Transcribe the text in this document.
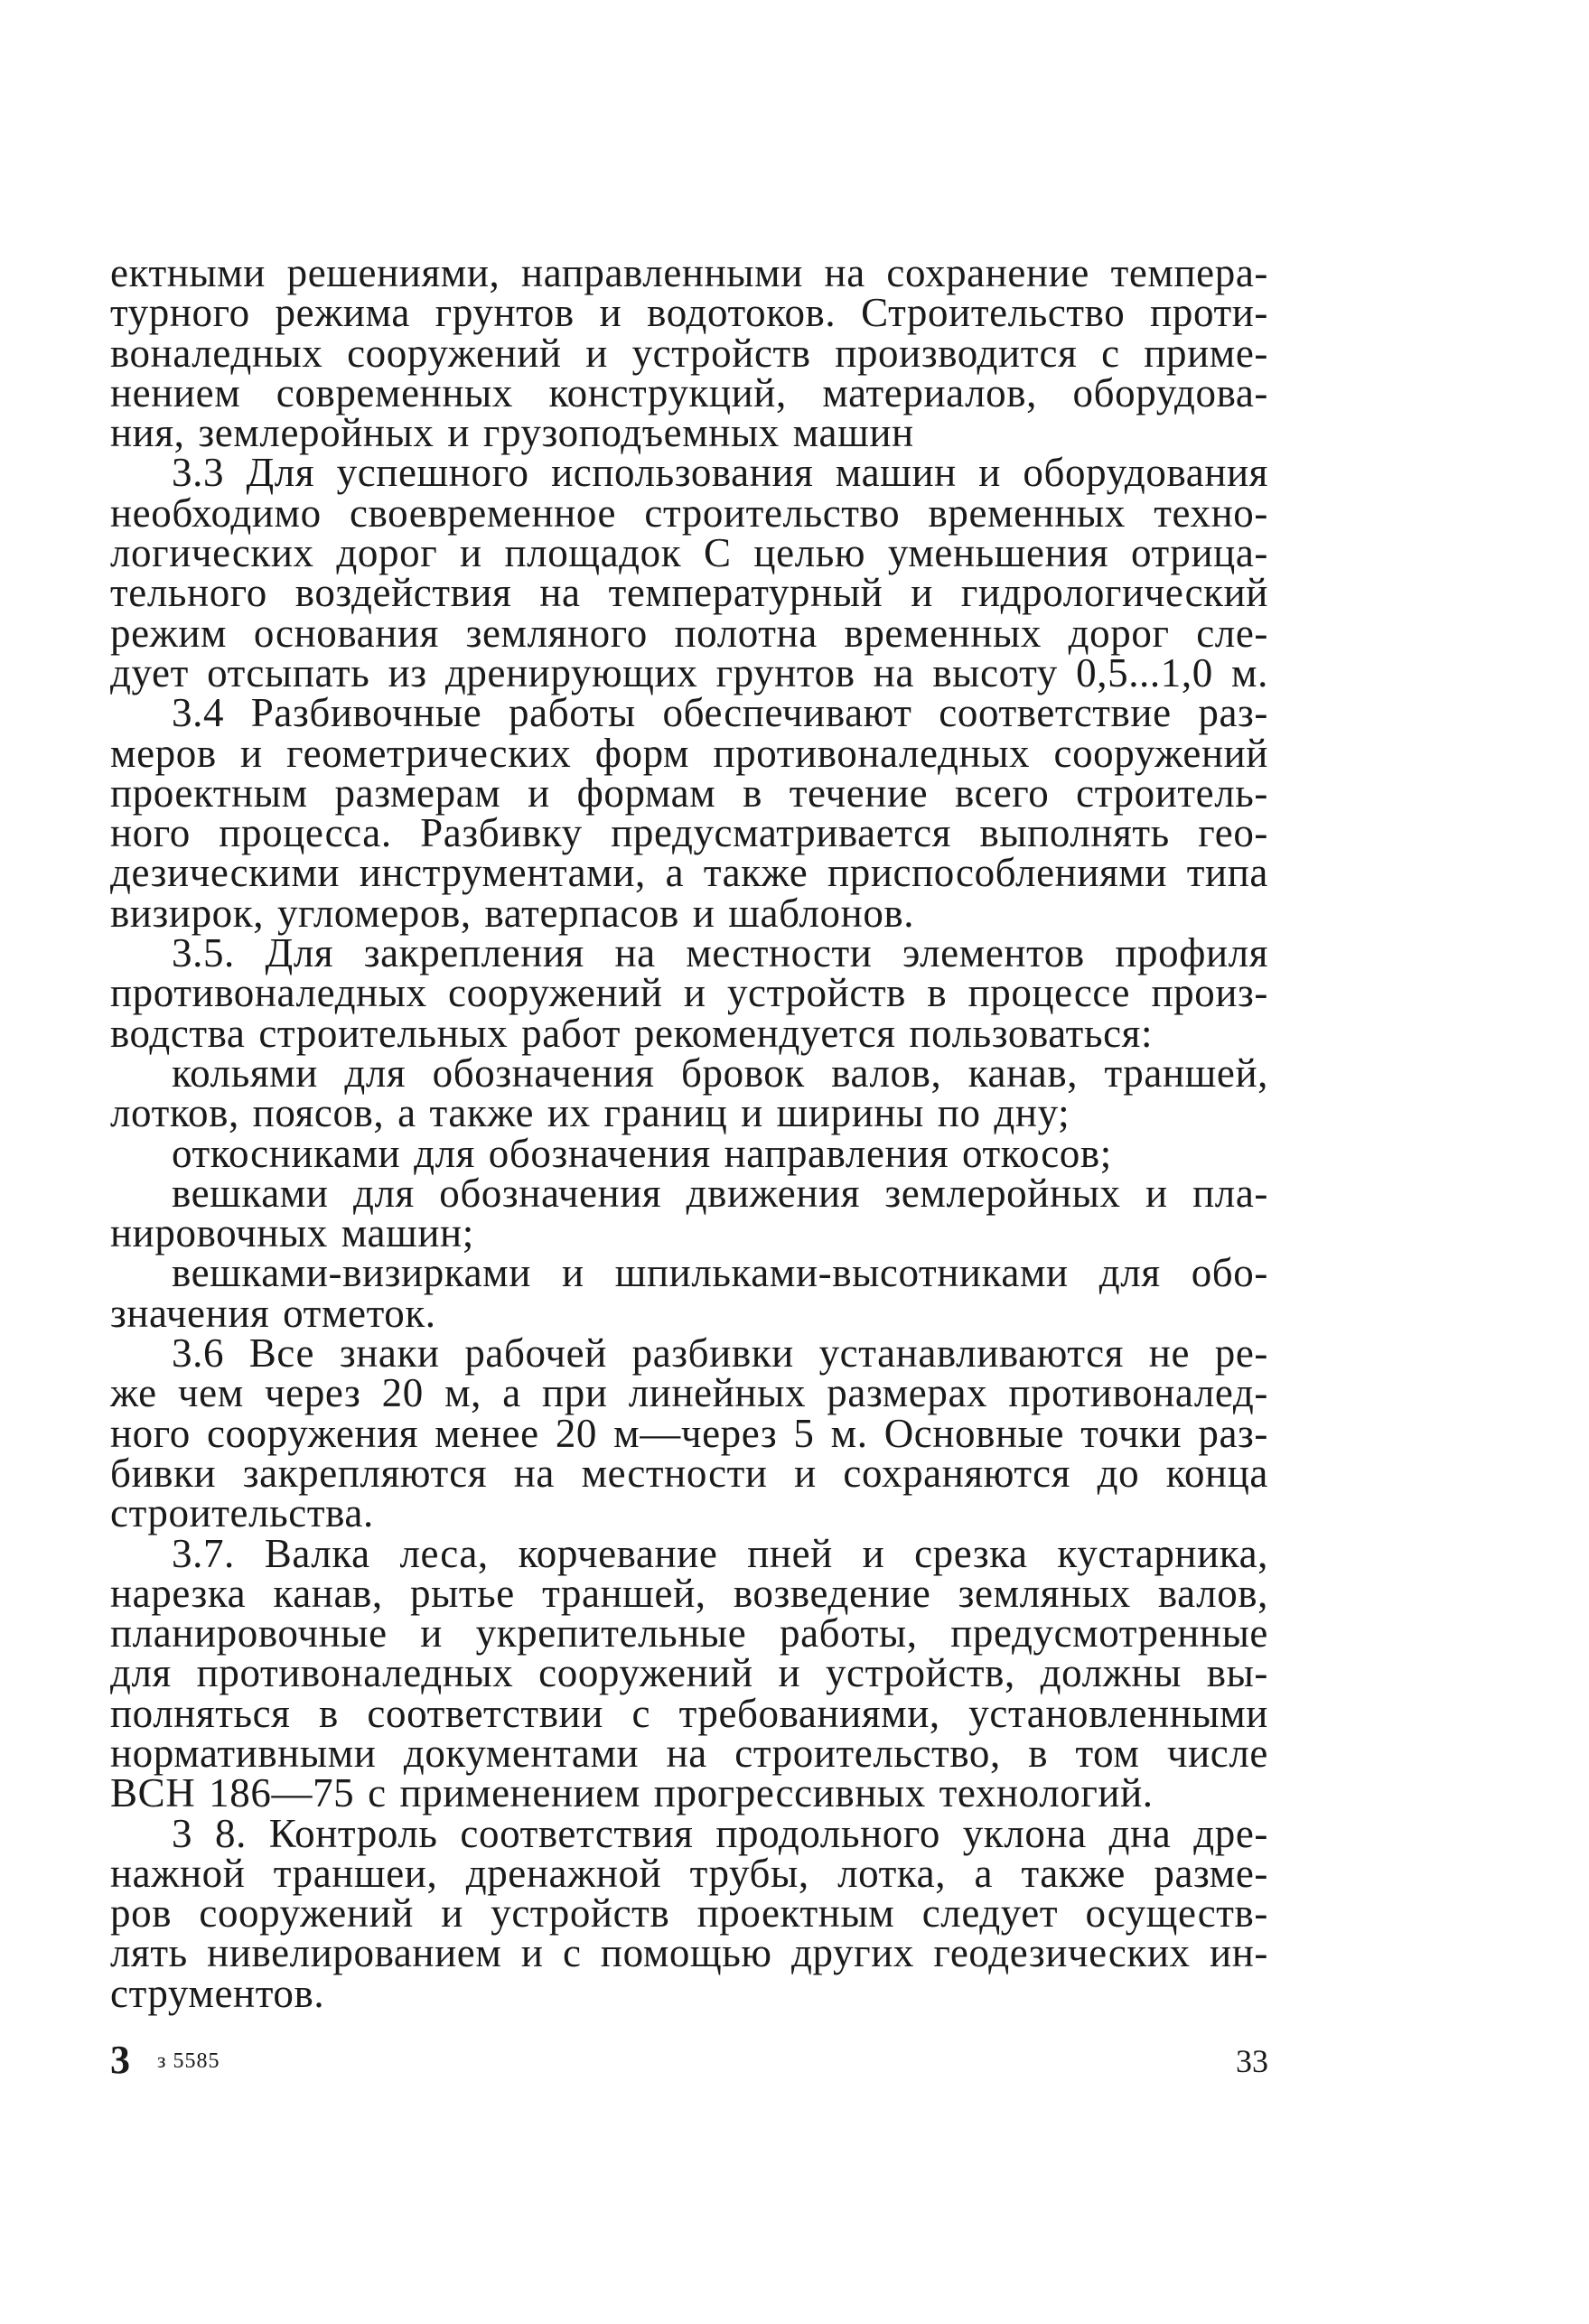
ектными решениями, направленными на сохранение темпера-
турного режима грунтов и водотоков. Строительство проти-
воналедных сооружений и устройств производится с приме-
нением современных конструкций, материалов, оборудова-
ния, землеройных и грузоподъемных машин
3.3 Для успешного использования машин и оборудования
необходимо своевременное строительство временных техно-
логических дорог и площадок С целью уменьшения отрица-
тельного воздействия на температурный и гидрологический
режим основания земляного полотна временных дорог сле-
дует отсыпать из дренирующих грунтов на высоту 0,5...1,0 м.
3.4 Разбивочные работы обеспечивают соответствие раз-
меров и геометрических форм противоналедных сооружений
проектным размерам и формам в течение всего строитель-
ного процесса. Разбивку предусматривается выполнять гео-
дезическими инструментами, а также приспособлениями типа
визирок, угломеров, ватерпасов и шаблонов.
3.5. Для закрепления на местности элементов профиля
противоналедных сооружений и устройств в процессе произ-
водства строительных работ рекомендуется пользоваться:
кольями для обозначения бровок валов, канав, траншей,
лотков, поясов, а также их границ и ширины по дну;
откосниками для обозначения направления откосов;
вешками для обозначения движения землеройных и пла-
нировочных машин;
вешками-визирками и шпильками-высотниками для обо-
значения отметок.
3.6 Все знаки рабочей разбивки устанавливаются не ре-
же чем через 20 м, а при линейных размерах противоналед-
ного сооружения менее 20 м—через 5 м. Основные точки раз-
бивки закрепляются на местности и сохраняются до конца
строительства.
3.7. Валка леса, корчевание пней и срезка кустарника,
нарезка канав, рытье траншей, возведение земляных валов,
планировочные и укрепительные работы, предусмотренные
для противоналедных сооружений и устройств, должны вы-
полняться в соответствии с требованиями, установленными
нормативными документами на строительство, в том числе
ВСН 186—75 с применением прогрессивных технологий.
3 8. Контроль соответствия продольного уклона дна дре-
нажной траншеи, дренажной трубы, лотка, а также разме-
ров сооружений и устройств проектным следует осуществ-
лять нивелированием и с помощью других геодезических ин-
струментов.
3 з 5585	33
